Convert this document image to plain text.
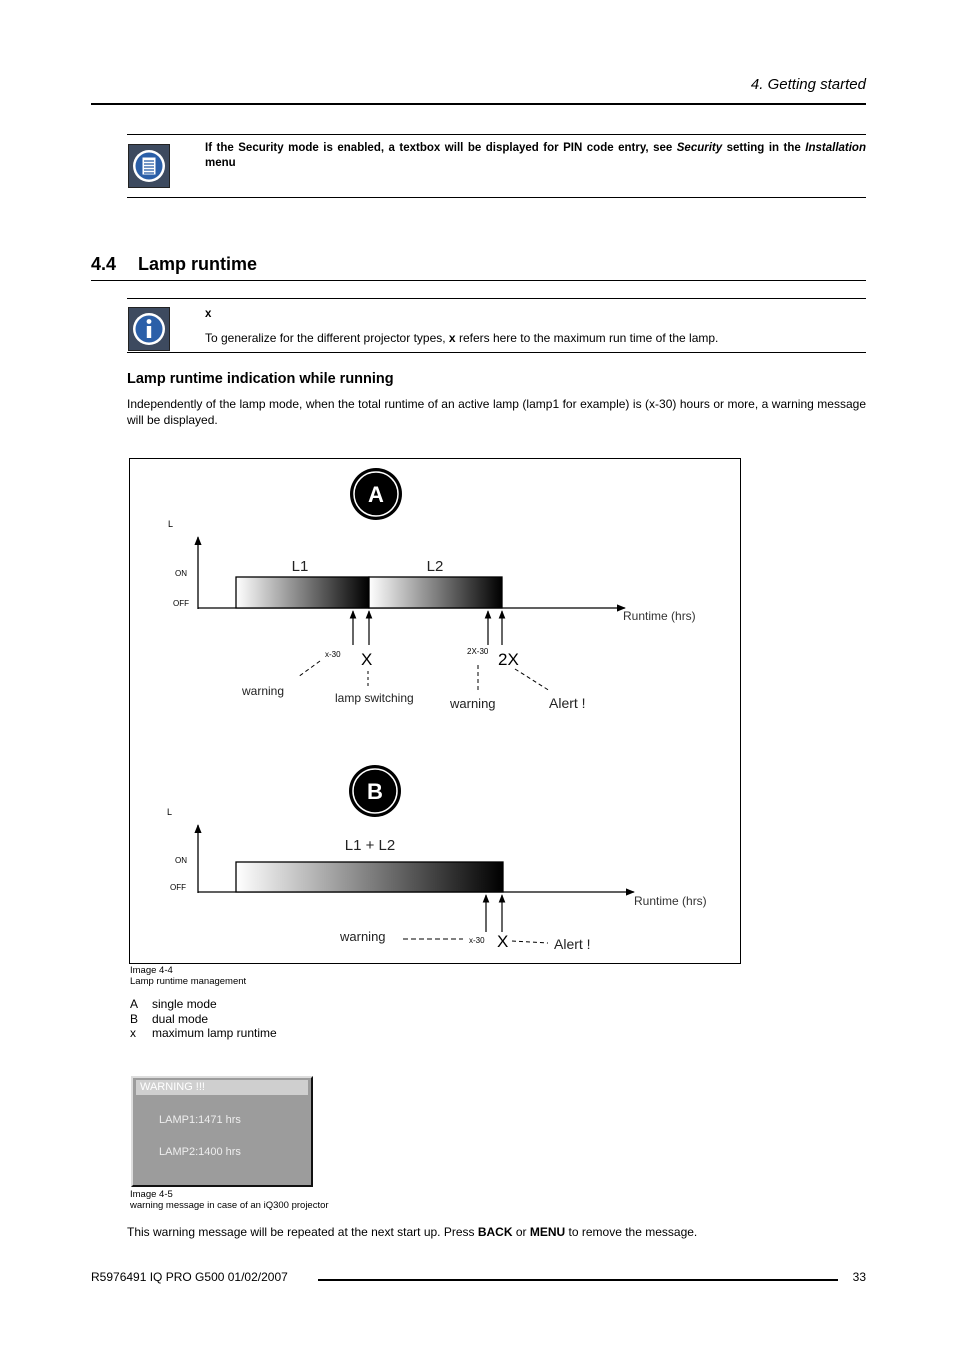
4. Getting started
If the Security mode is enabled, a textbox will be displayed for PIN code entry, see Security setting in the Installation menu
4.4 Lamp runtime
x
To generalize for the different projector types, x refers here to the maximum run time of the lamp.
Lamp runtime indication while running
Independently of the lamp mode, when the total runtime of an active lamp (lamp1 for example) is (x-30) hours or more, a warning message will be displayed.
A
L
ON
OFF
L1	L2
Runtime (hrs)
x-30 X	2X-30 2X
warning	lamp switching	warning	Alert !
B
L
ON
OFF
L1 + L2
Runtime (hrs)
warning	x-30 X	Alert !
Image 4-4
Lamp runtime management
A single mode
B dual mode
x maximum lamp runtime
WARNING !!!
LAMP1:1471 hrs
LAMP2:1400 hrs
Image 4-5
warning message in case of an iQ300 projector
This warning message will be repeated at the next start up. Press BACK or MENU to remove the message.
R5976491 IQ PRO G500 01/02/2007	33
